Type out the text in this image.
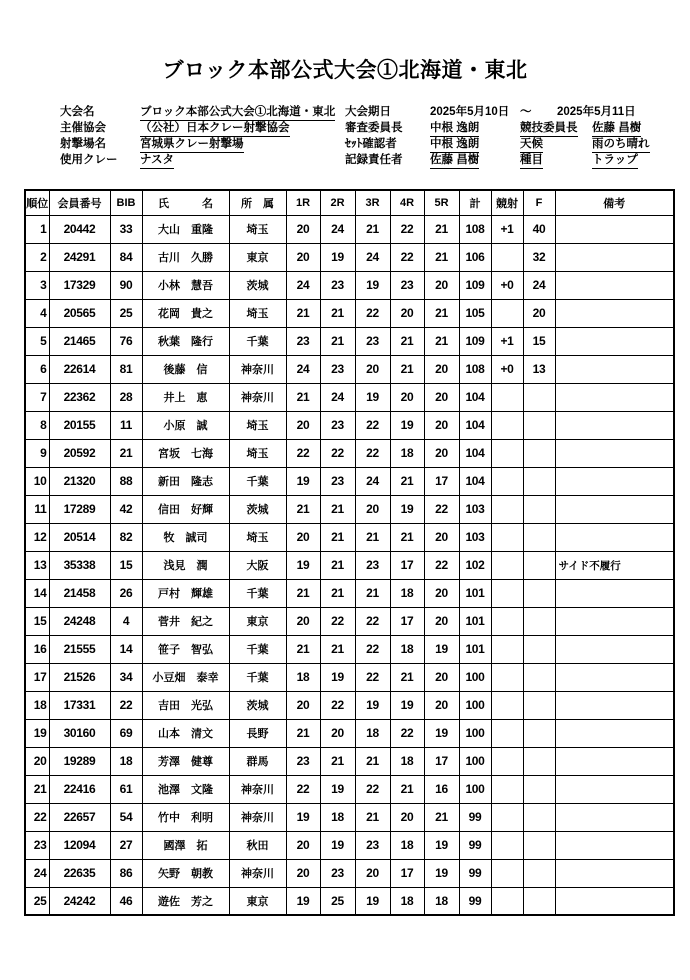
ブロック本部公式大会①北海道・東北
大会名	ブロック本部公式大会①北海道・東北
主催協会	（公社）日本クレー射撃協会
射撃場名	宮城県クレー射撃場
使用クレー ナスタ
大会期日	2025年5月10日 ～ 2025年5月11日
審査委員長 中根 逸朗
ｾｯﾄ確認者	中根 逸朗
記録責任者 佐藤 昌樹
競技委員長 佐藤 昌樹
天候	雨のち晴れ
種目	トラップ
順位	会員番号	BIB	氏　　　名	所　属	1R	2R	3R	4R	5R	計	競射	F	備考
1	20442	33	大山　重隆	埼玉	20	24	21	22	21	108	+1	40	
2	24291	84	古川　久勝	東京	20	19	24	22	21	106		32	
3	17329	90	小林　慧吾	茨城	24	23	19	23	20	109	+0	24	
4	20565	25	花岡　貴之	埼玉	21	21	22	20	21	105		20	
5	21465	76	秋葉　隆行	千葉	23	21	23	21	21	109	+1	15	
6	22614	81	後藤　信	神奈川	24	23	20	21	20	108	+0	13	
7	22362	28	井上　恵	神奈川	21	24	19	20	20	104			
8	20155	11	小原　誠	埼玉	20	23	22	19	20	104			
9	20592	21	宮坂　七海	埼玉	22	22	22	18	20	104			
10	21320	88	新田　隆志	千葉	19	23	24	21	17	104			
11	17289	42	信田　好輝	茨城	21	21	20	19	22	103			
12	20514	82	牧　誠司	埼玉	20	21	21	21	20	103			
13	35338	15	浅見　潤	大阪	19	21	23	17	22	102			サイド不履行
14	21458	26	戸村　輝雄	千葉	21	21	21	18	20	101			
15	24248	4	菅井　紀之	東京	20	22	22	17	20	101			
16	21555	14	笹子　智弘	千葉	21	21	22	18	19	101			
17	21526	34	小豆畑　泰幸	千葉	18	19	22	21	20	100			
18	17331	22	吉田　光弘	茨城	20	22	19	19	20	100			
19	30160	69	山本　清文	長野	21	20	18	22	19	100			
20	19289	18	芳澤　健尊	群馬	23	21	21	18	17	100			
21	22416	61	池澤　文隆	神奈川	22	19	22	21	16	100			
22	22657	54	竹中　利明	神奈川	19	18	21	20	21	99			
23	12094	27	國澤　拓	秋田	20	19	23	18	19	99			
24	22635	86	矢野　朝教	神奈川	20	23	20	17	19	99			
25	24242	46	遊佐　芳之	東京	19	25	19	18	18	99			
